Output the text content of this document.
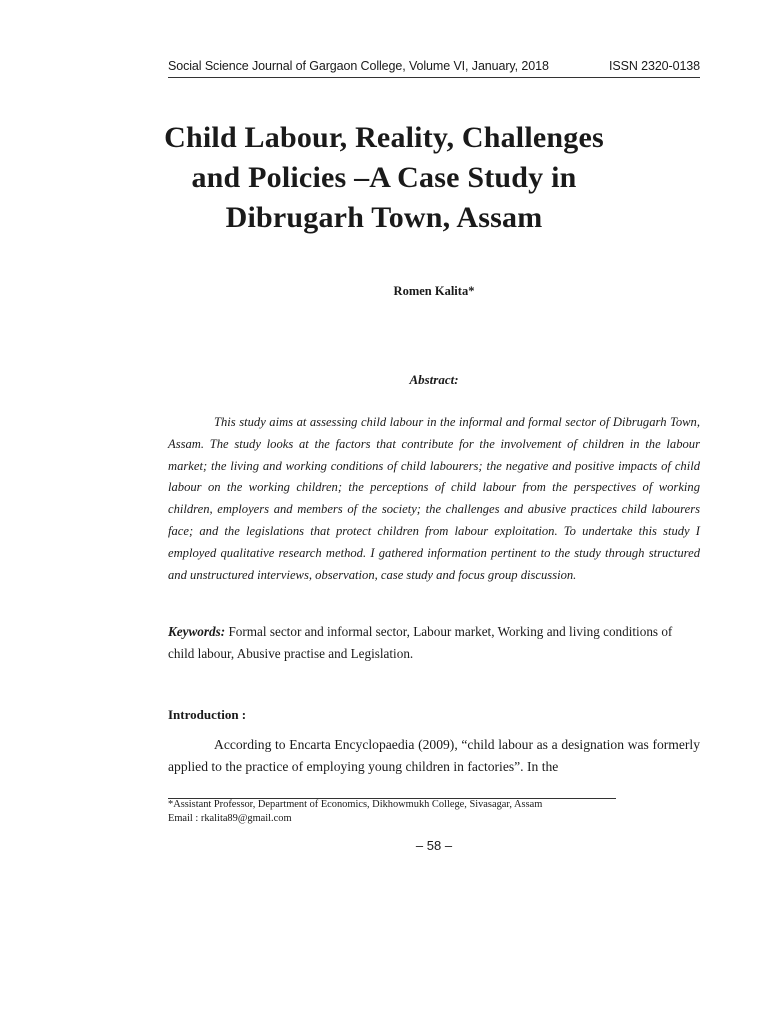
Social Science Journal of Gargaon College, Volume VI, January, 2018	ISSN 2320-0138
Child Labour, Reality, Challenges
and Policies –A Case Study in
Dibrugarh Town, Assam
Romen Kalita*
Abstract:

This study aims at assessing child labour in the informal and formal sector of Dibrugarh Town, Assam. The study looks at the factors that contribute for the involvement of children in the labour market; the living and working conditions of child labourers; the negative and positive impacts of child labour on the working children; the perceptions of child labour from the perspectives of working children, employers and members of the society; the challenges and abusive practices child labourers face; and the legislations that protect children from labour exploitation. To undertake this study I employed qualitative research method. I gathered information pertinent to the study through structured and unstructured interviews, observation, case study and focus group discussion.

Keywords: Formal sector and informal sector, Labour market, Working and living conditions of child labour, Abusive practise and Legislation.

Introduction :

According to Encarta Encyclopaedia (2009), “child labour as a designation was formerly applied to the practice of employing young children in factories”. In the

*Assistant Professor, Department of Economics, Dikhowmukh College, Sivasagar, Assam
Email : rkalita89@gmail.com
– 58 –
